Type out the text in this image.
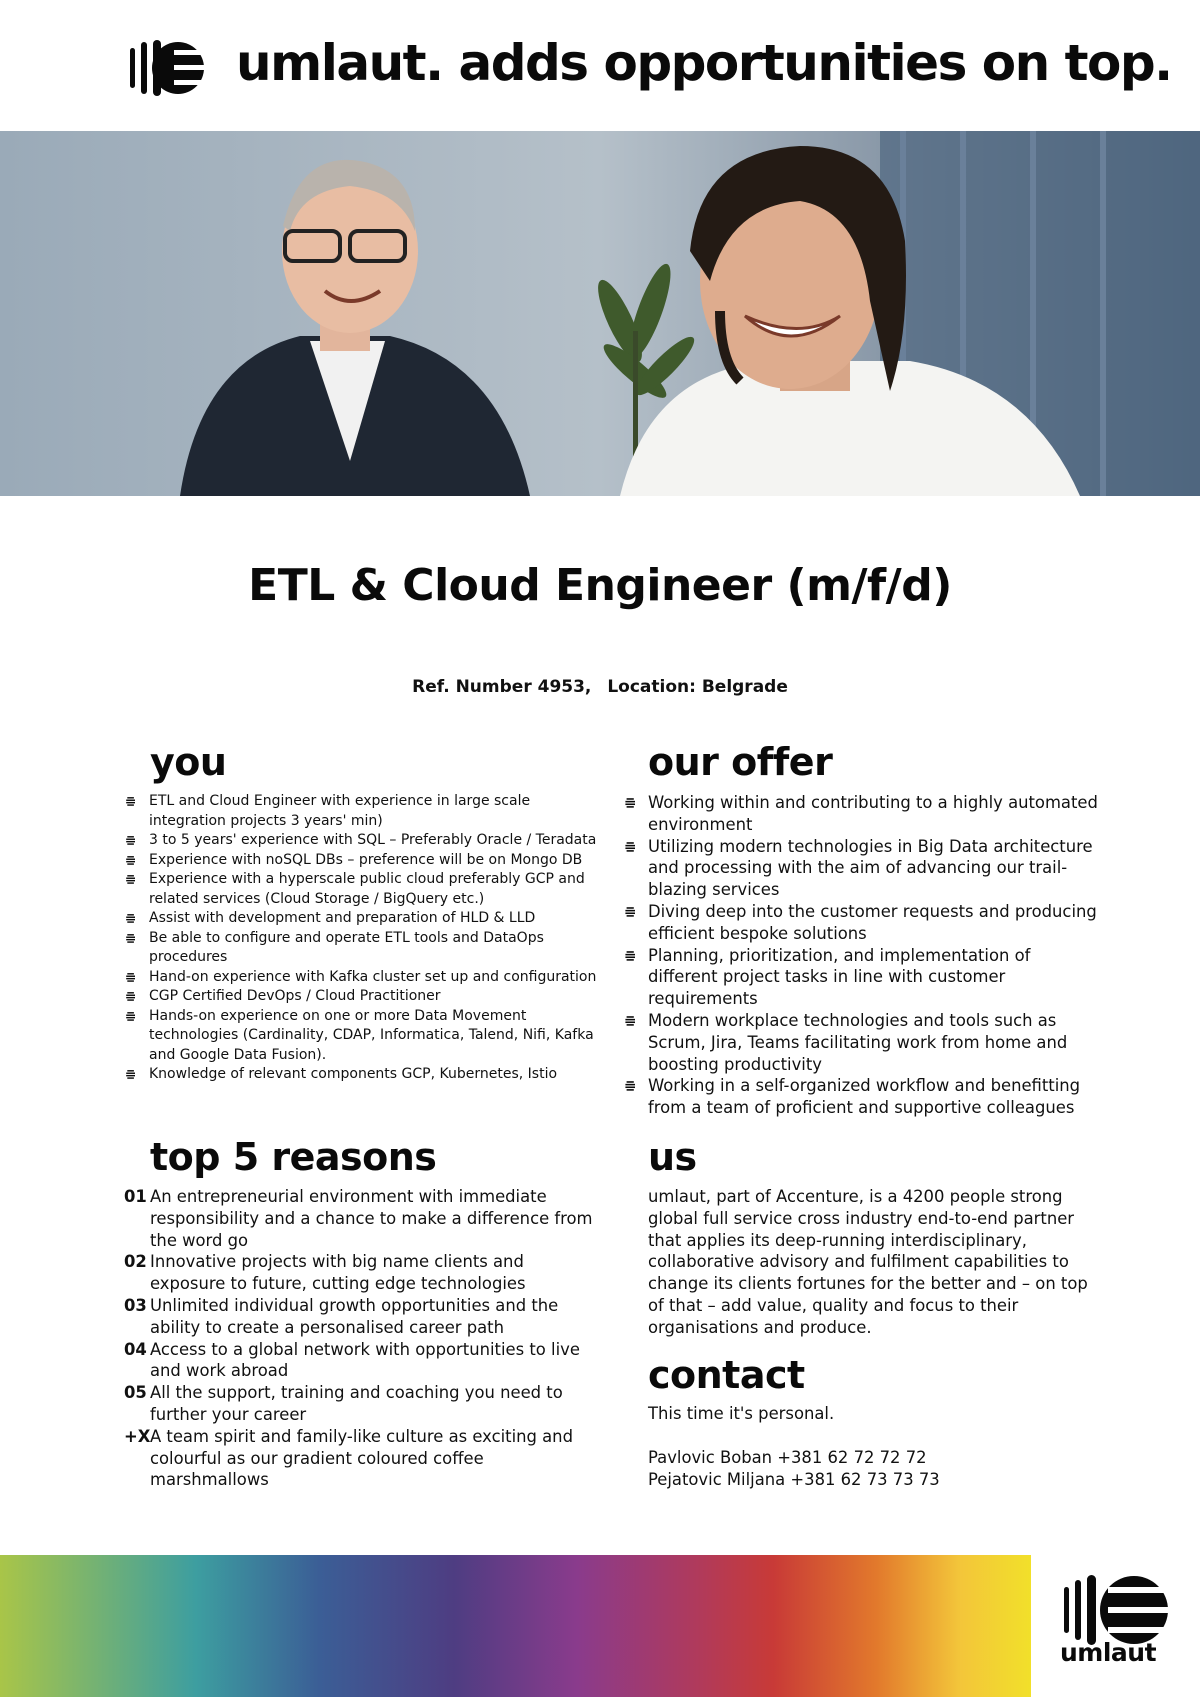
umlaut. adds opportunities on top.
ETL & Cloud Engineer (m/f/d)
Ref. Number 4953, Location: Belgrade
you
ETL and Cloud Engineer with experience in large scale integration projects 3 years' min)
3 to 5 years' experience with SQL – Preferably Oracle / Teradata
Experience with noSQL DBs – preference will be on Mongo DB
Experience with a hyperscale public cloud preferably GCP and related services (Cloud Storage / BigQuery etc.)
Assist with development and preparation of HLD & LLD
Be able to configure and operate ETL tools and DataOps procedures
Hand-on experience with Kafka cluster set up and configuration
CGP Certified DevOps / Cloud Practitioner
Hands-on experience on one or more Data Movement technologies (Cardinality, CDAP, Informatica, Talend, Nifi, Kafka and Google Data Fusion).
Knowledge of relevant components GCP, Kubernetes, Istio
our offer
Working within and contributing to a highly automated environment
Utilizing modern technologies in Big Data architecture and processing with the aim of advancing our trail-blazing services
Diving deep into the customer requests and producing efficient bespoke solutions
Planning, prioritization, and implementation of different project tasks in line with customer requirements
Modern workplace technologies and tools such as Scrum, Jira, Teams facilitating work from home and boosting productivity
Working in a self-organized workflow and benefitting from a team of proficient and supportive colleagues
top 5 reasons
01 An entrepreneurial environment with immediate responsibility and a chance to make a difference from the word go
02 Innovative projects with big name clients and exposure to future, cutting edge technologies
03 Unlimited individual growth opportunities and the ability to create a personalised career path
04 Access to a global network with opportunities to live and work abroad
05 All the support, training and coaching you need to further your career
+X A team spirit and family-like culture as exciting and colourful as our gradient coloured coffee marshmallows
us

umlaut, part of Accenture, is a 4200 people strong global full service cross industry end-to-end partner that applies its deep-running interdisciplinary, collaborative advisory and fulfilment capabilities to change its clients fortunes for the better and – on top of that – add value, quality and focus to their organisations and produce.

contact

This time it's personal.

Pavlovic Boban +381 62 72 72 72
Pejatovic Miljana +381 62 73 73 73
umlaut
